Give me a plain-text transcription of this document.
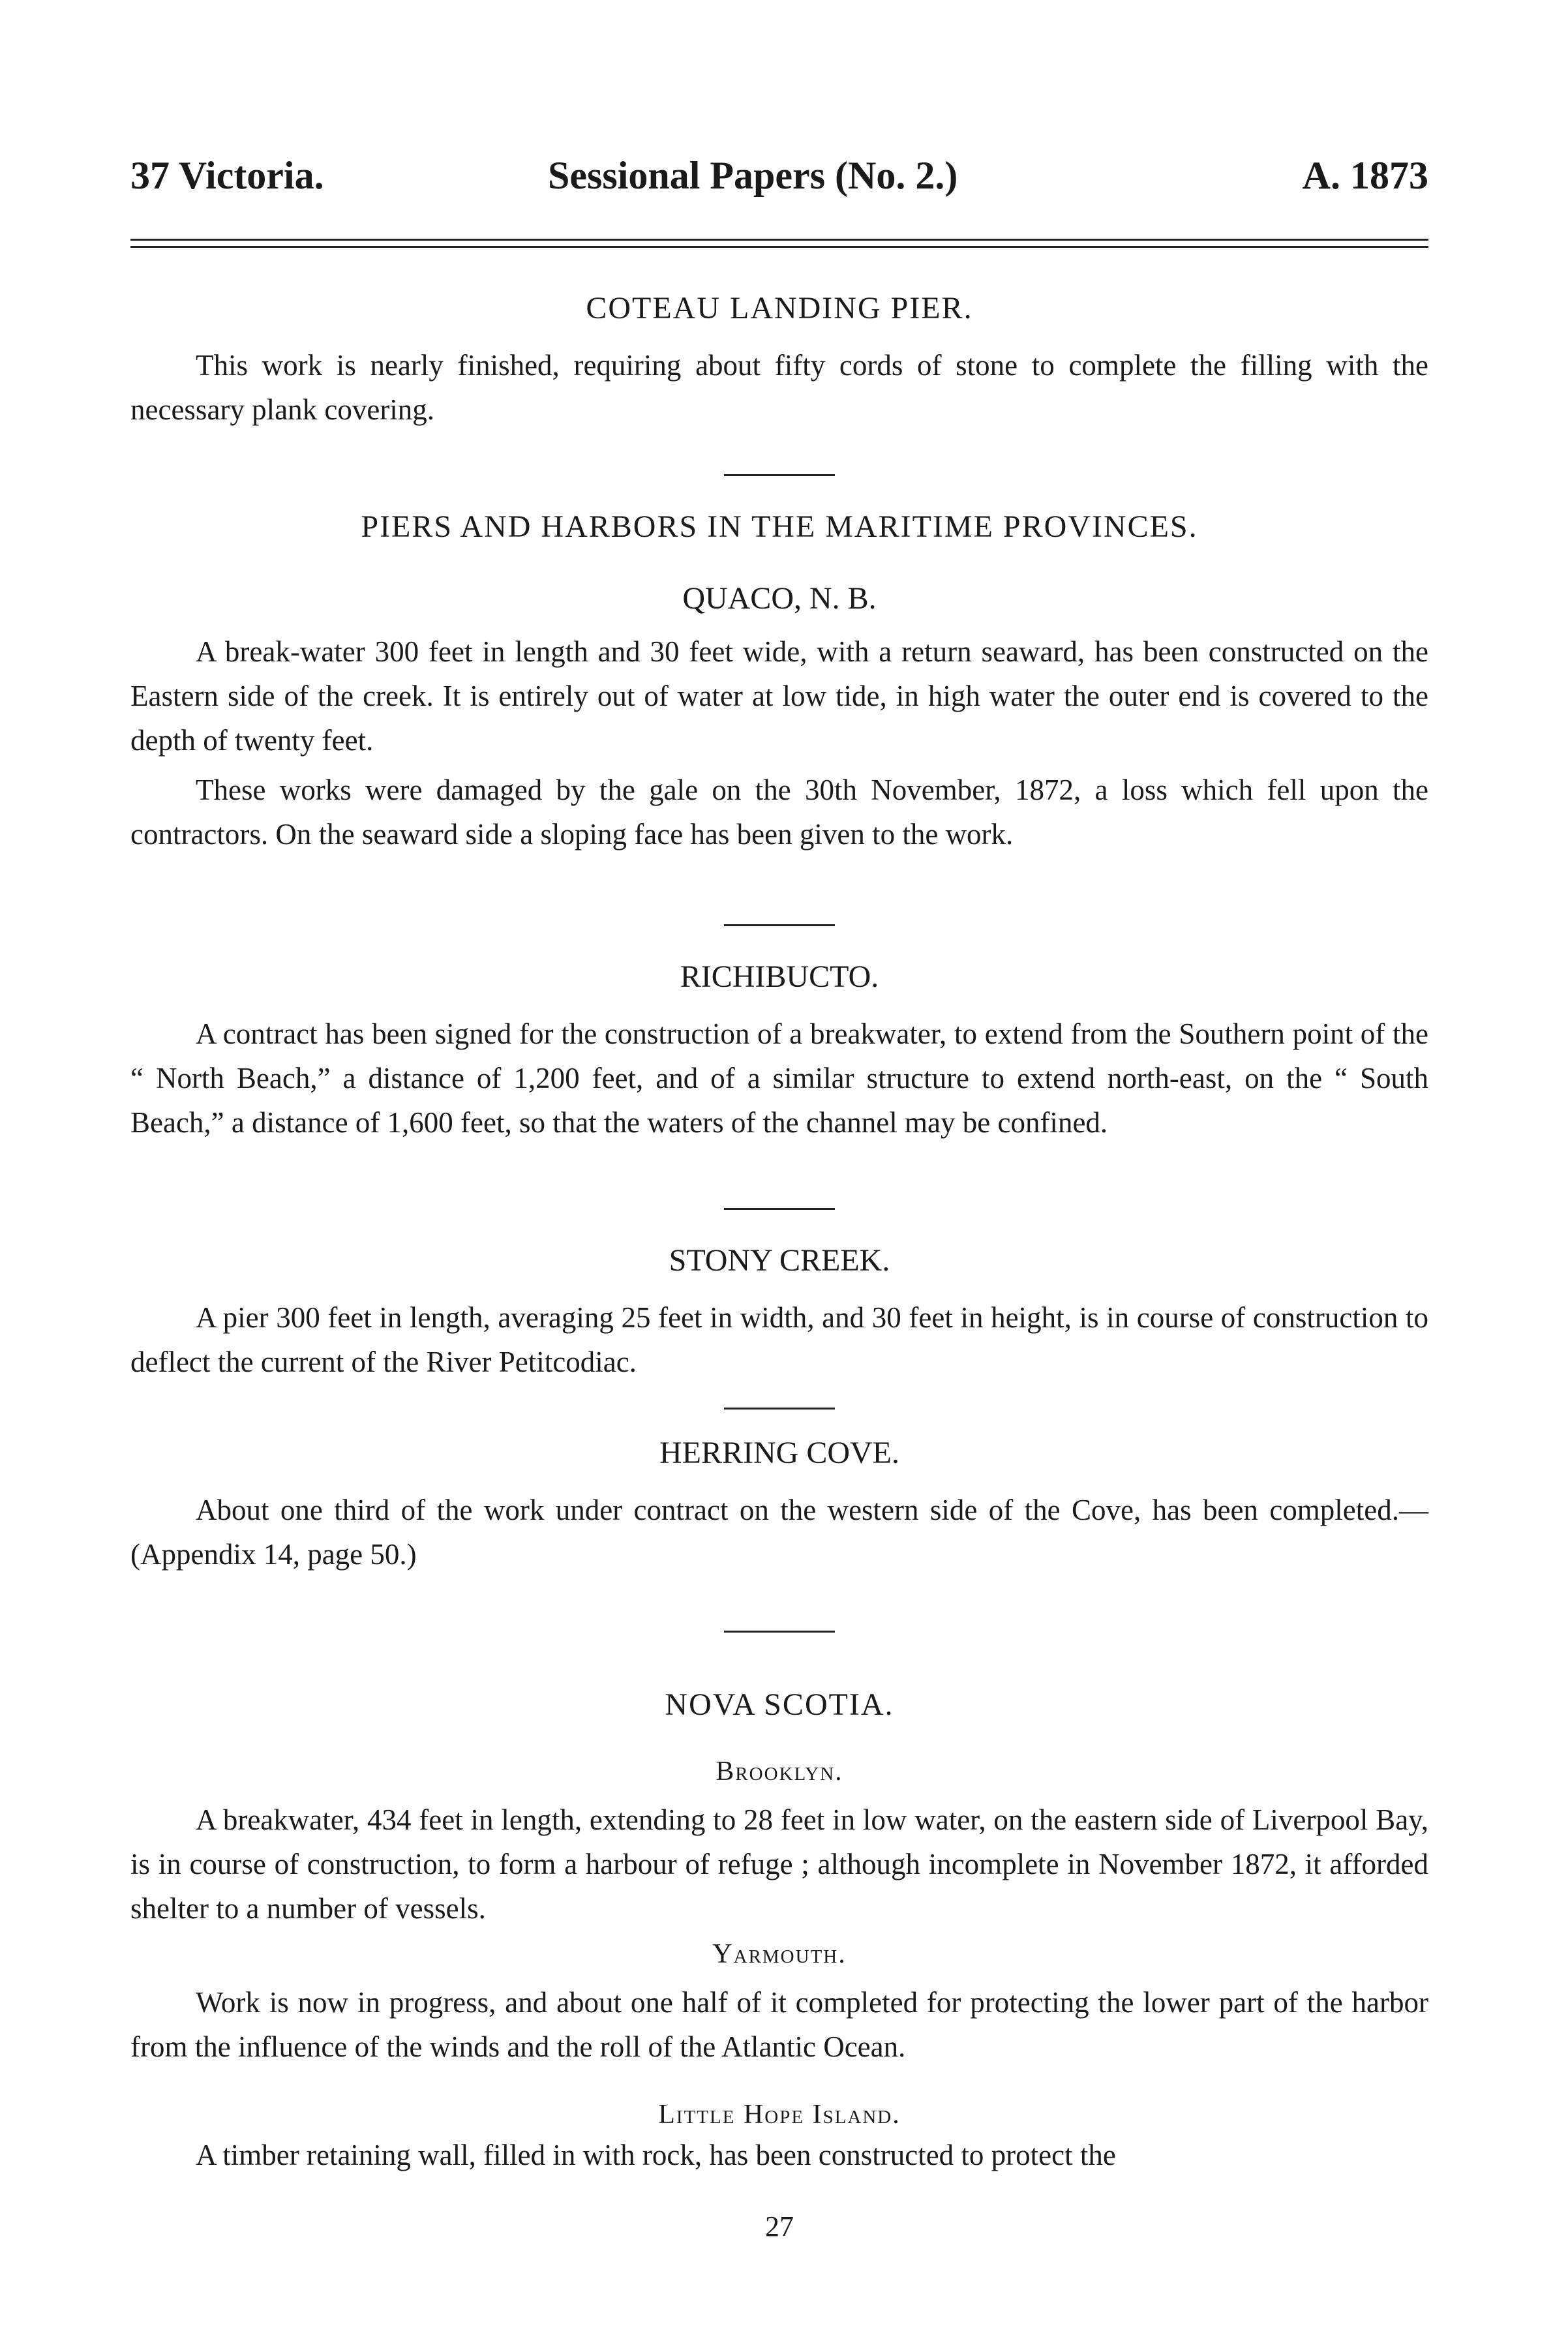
37 Victoria.	Sessional Papers (No. 2.)	A. 1873
COTEAU LANDING PIER.

This work is nearly finished, requiring about fifty cords of stone to complete the filling with the necessary plank covering.

PIERS AND HARBORS IN THE MARITIME PROVINCES.
QUACO, N. B.

A break-water 300 feet in length and 30 feet wide, with a return seaward, has been constructed on the Eastern side of the creek. It is entirely out of water at low tide, in high water the outer end is covered to the depth of twenty feet.

These works were damaged by the gale on the 30th November, 1872, a loss which fell upon the contractors. On the seaward side a sloping face has been given to the work.

RICHIBUCTO.

A contract has been signed for the construction of a breakwater, to extend from the Southern point of the “ North Beach,” a distance of 1,200 feet, and of a similar structure to extend north-east, on the “ South Beach,” a distance of 1,600 feet, so that the waters of the channel may be confined.

STONY CREEK.

A pier 300 feet in length, averaging 25 feet in width, and 30 feet in height, is in course of construction to deflect the current of the River Petitcodiac.

HERRING COVE.

About one third of the work under contract on the western side of the Cove, has been completed.—(Appendix 14, page 50.)

NOVA SCOTIA.
Brooklyn.

A breakwater, 434 feet in length, extending to 28 feet in low water, on the eastern side of Liverpool Bay, is in course of construction, to form a harbour of refuge ; although incomplete in November 1872, it afforded shelter to a number of vessels.

Yarmouth.

Work is now in progress, and about one half of it completed for protecting the lower part of the harbor from the influence of the winds and the roll of the Atlantic Ocean.

Little Hope Island.

A timber retaining wall, filled in with rock, has been constructed to protect the

27
